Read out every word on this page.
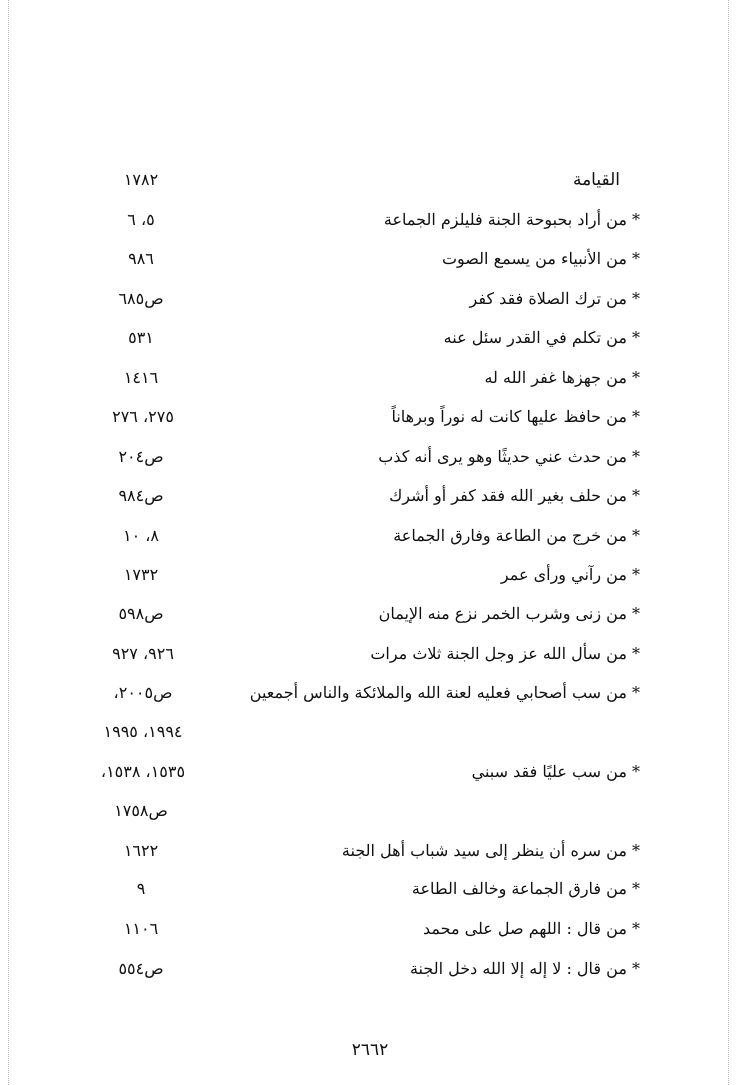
القيامة
١٧٨٢
* من أراد بحبوحة الجنة فليلزم الجماعة
٥، ٦
* من الأنبياء من يسمع الصوت
٩٨٦
* من ترك الصلاة فقد كفر
ص٦٨٥
* من تكلم في القدر سئل عنه
٥٣١
* من جهزها غفر الله له
١٤١٦
* من حافظ عليها كانت له نوراً وبرهاناً
٢٧٥، ٢٧٦
* من حدث عني حديثًا وهو يرى أنه كذب
ص٢٠٤
* من حلف بغير الله فقد كفر أو أشرك
ص٩٨٤
* من خرج من الطاعة وفارق الجماعة
٨، ١٠
* من رآني ورأى عمر
١٧٣٢
* من زنى وشرب الخمر نزع منه الإيمان
ص٥٩٨
* من سأل الله عز وجل الجنة ثلاث مرات
٩٢٦، ٩٢٧
* من سب أصحابي فعليه لعنة الله والملائكة والناس أجمعين
ص٢٠٠٥،
١٩٩٤، ١٩٩٥
* من سب عليًا فقد سبني
١٥٣٥، ١٥٣٨،
ص١٧٥٨
* من سره أن ينظر إلى سيد شباب أهل الجنة
١٦٢٢
* من فارق الجماعة وخالف الطاعة
٩
* من قال : اللهم صل على محمد
١١٠٦
* من قال : لا إله إلا الله دخل الجنة
ص٥٥٤
٢٦٦٢
